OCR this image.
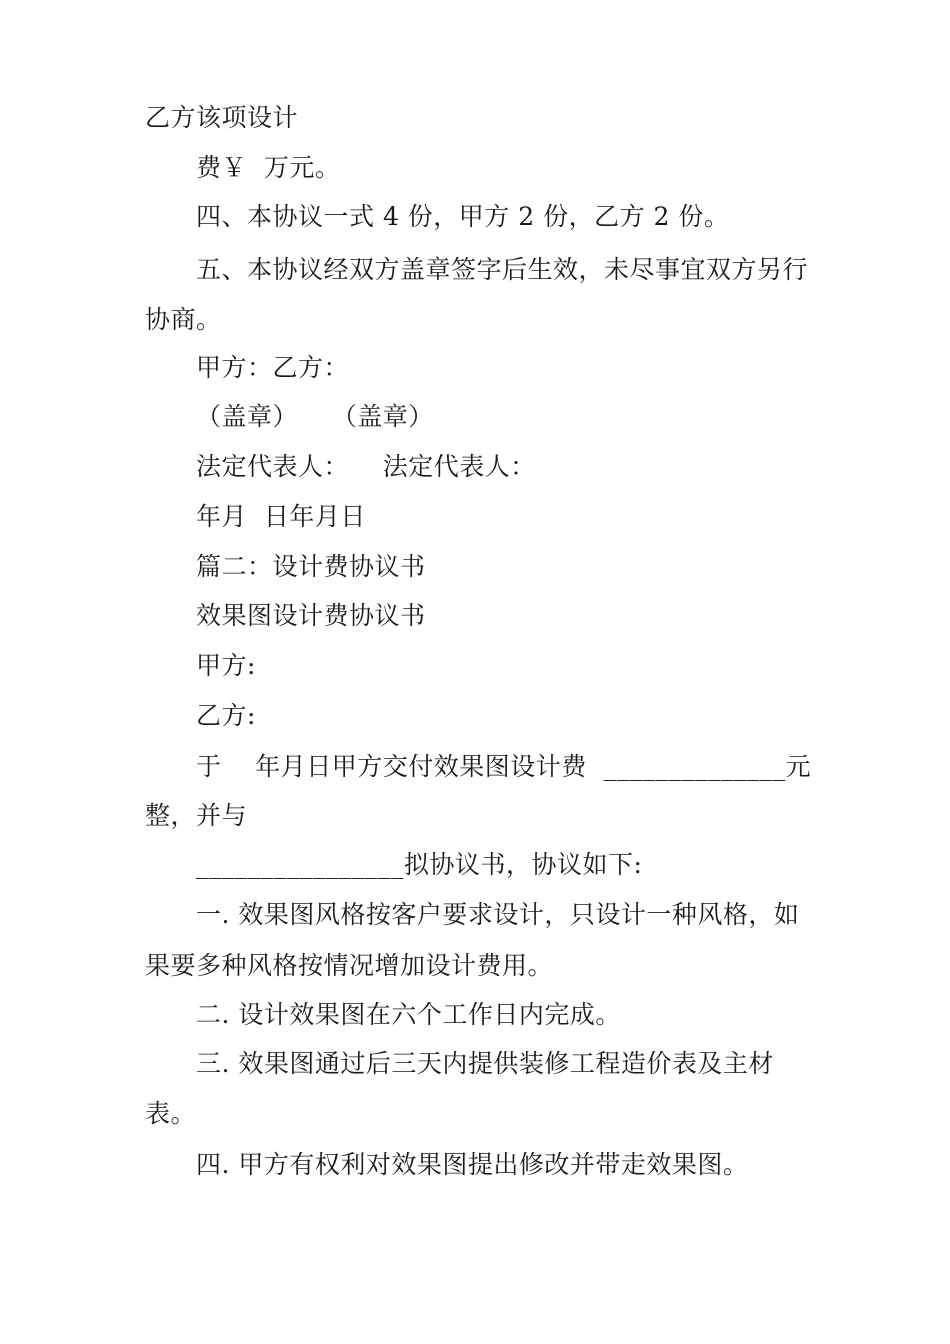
乙方该项设计
费￥  万元。
四、本协议一式 4 份，甲方 2 份，乙方 2 份。
五、本协议经双方盖章签字后生效，未尽事宜双方另行
协商。
甲方：乙方：
（盖章）    （盖章）
法定代表人：    法定代表人：
年月  日年月日
篇二：设计费协议书
效果图设计费协议书
甲方:
乙方:
于    年月日甲方交付效果图设计费  ______________元
整，并与
________________拟协议书，协议如下:
一. 效果图风格按客户要求设计，只设计一种风格，如
果要多种风格按情况增加设计费用。
二. 设计效果图在六个工作日内完成。
三. 效果图通过后三天内提供装修工程造价表及主材
表。
四. 甲方有权利对效果图提出修改并带走效果图。
